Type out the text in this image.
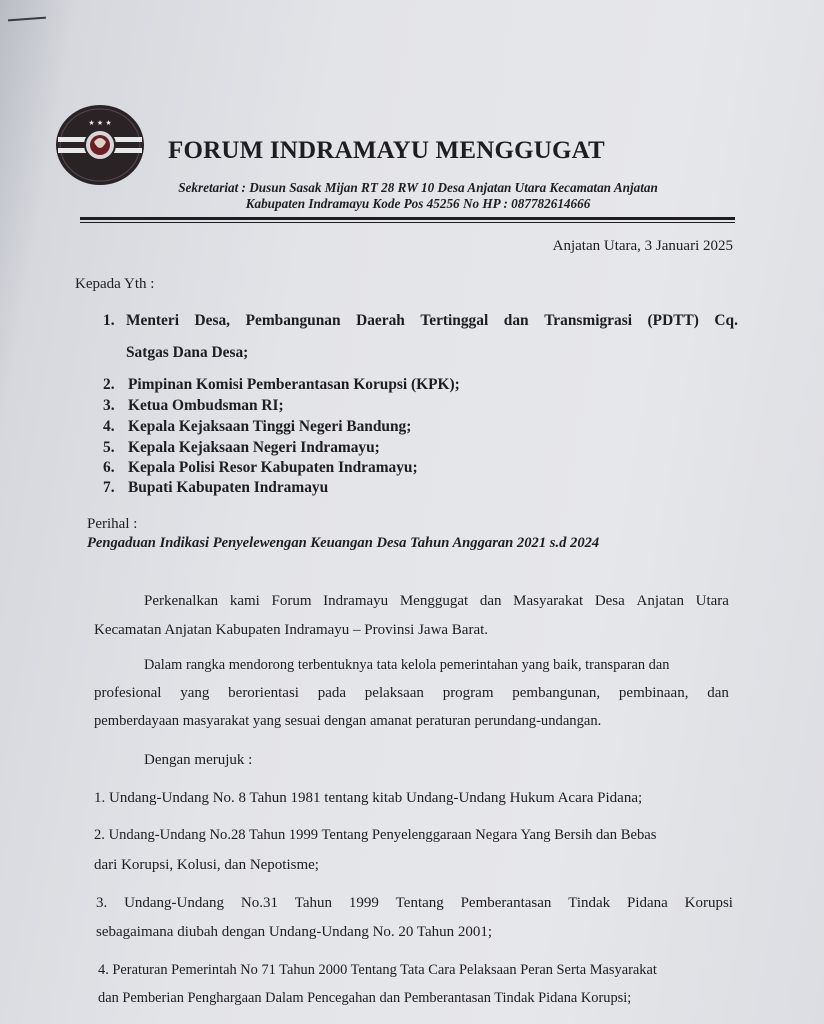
★ ★ ★
FORUM INDRAMAYU MENGGUGAT
Sekretariat : Dusun Sasak Mijan RT 28 RW 10 Desa Anjatan Utara Kecamatan Anjatan
Kabupaten Indramayu Kode Pos 45256 No HP : 087782614666
Anjatan Utara, 3 Januari 2025
Kepada Yth :
1. Menteri Desa, Pembangunan Daerah Tertinggal dan Transmigrasi (PDTT) Cq.
Satgas Dana Desa;
2. Pimpinan Komisi Pemberantasan Korupsi (KPK);
3. Ketua Ombudsman RI;
4. Kepala Kejaksaan Tinggi Negeri Bandung;
5. Kepala Kejaksaan Negeri Indramayu;
6. Kepala Polisi Resor Kabupaten Indramayu;
7. Bupati Kabupaten Indramayu
Perihal :
Pengaduan Indikasi Penyelewengan Keuangan Desa Tahun Anggaran 2021 s.d 2024
Perkenalkan kami Forum Indramayu Menggugat dan Masyarakat Desa Anjatan Utara
Kecamatan Anjatan Kabupaten Indramayu – Provinsi Jawa Barat.
Dalam rangka mendorong terbentuknya tata kelola pemerintahan yang baik, transparan dan
profesional yang berorientasi pada pelaksaan program pembangunan, pembinaan, dan
pemberdayaan masyarakat yang sesuai dengan amanat peraturan perundang-undangan.
Dengan merujuk :
1. Undang-Undang No. 8 Tahun 1981 tentang kitab Undang-Undang Hukum Acara Pidana;
2. Undang-Undang No.28 Tahun 1999 Tentang Penyelenggaraan Negara Yang Bersih dan Bebas
dari Korupsi, Kolusi, dan Nepotisme;
3. Undang-Undang No.31 Tahun 1999 Tentang Pemberantasan Tindak Pidana Korupsi
sebagaimana diubah dengan Undang-Undang No. 20 Tahun 2001;
4. Peraturan Pemerintah No 71 Tahun 2000 Tentang Tata Cara Pelaksaan Peran Serta Masyarakat
dan Pemberian Penghargaan Dalam Pencegahan dan Pemberantasan Tindak Pidana Korupsi;
